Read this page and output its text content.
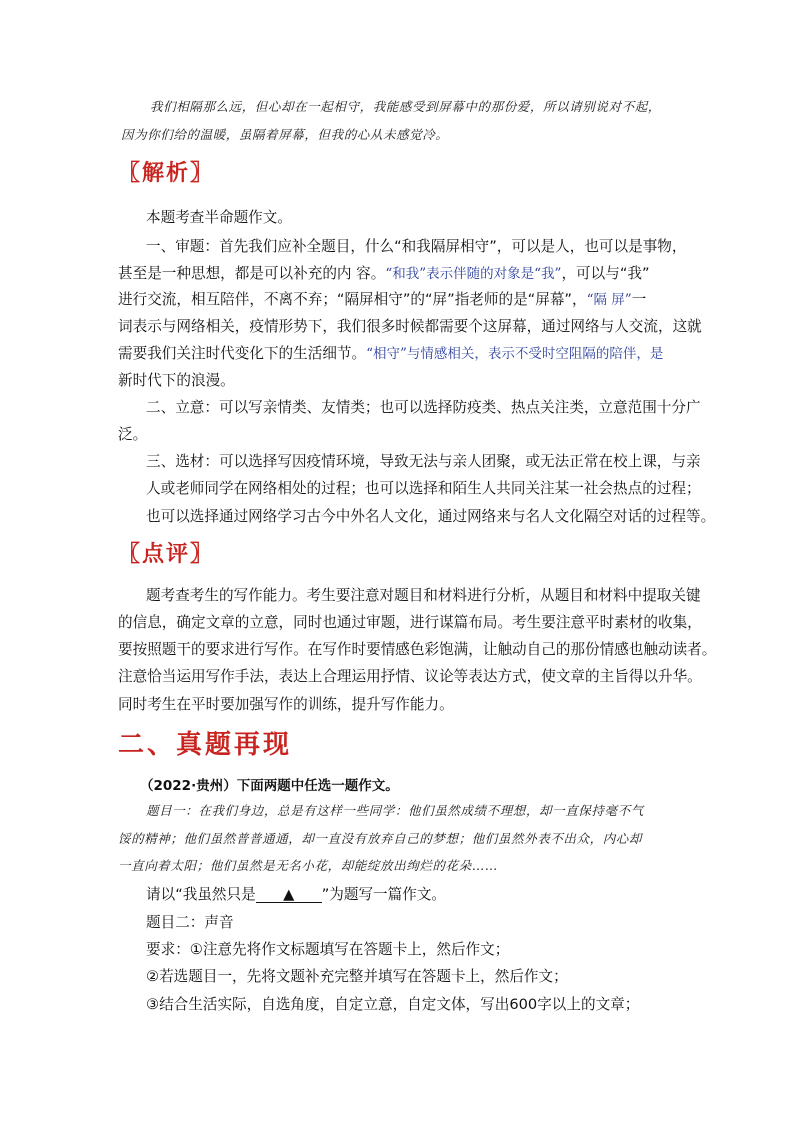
我们相隔那么远，但心却在一起相守，我能感受到屏幕中的那份爱，所以请别说对不起，
因为你们给的温暖，虽隔着屏幕，但我的心从未感觉冷。
〖解析〗
本题考查半命题作文。
一、审题：首先我们应补全题目，什么“和我隔屏相守”，可以是人，也可以是事物，
甚至是一种思想，都是可以补充的内 容。“和我”表示伴随的对象是“我”，可以与“我”
进行交流，相互陪伴，不离不弃；“隔屏相守”的“屏”指老师的是“屏幕”，“隔 屏”一
词表示与网络相关，疫情形势下，我们很多时候都需要个这屏幕，通过网络与人交流，这就
需要我们关注时代变化下的生活细节。“相守”与情感相关，表示不受时空阻隔的陪伴，是
新时代下的浪漫。
二、立意：可以写亲情类、友情类；也可以选择防疫类、热点关注类，立意范围十分广
泛。
三、选材：可以选择写因疫情环境，导致无法与亲人团聚，或无法正常在校上课，与亲
人或老师同学在网络相处的过程；也可以选择和陌生人共同关注某一社会热点的过程；
也可以选择通过网络学习古今中外名人文化，通过网络来与名人文化隔空对话的过程等。
〖点评〗
题考查考生的写作能力。考生要注意对题目和材料进行分析，从题目和材料中提取关键
的信息，确定文章的立意，同时也通过审题，进行谋篇布局。考生要注意平时素材的收集，
要按照题干的要求进行写作。在写作时要情感色彩饱满，让触动自己的那份情感也触动读者。
注意恰当运用写作手法，表达上合理运用抒情、议论等表达方式，使文章的主旨得以升华。
同时考生在平时要加强写作的训练，提升写作能力。
二、真题再现
（2022·贵州）下面两题中任选一题作文。
题目一：在我们身边，总是有这样一些同学：他们虽然成绩不理想，却一直保持毫不气
馁的精神；他们虽然普普通通，却一直没有放弃自己的梦想；他们虽然外表不出众，内心却
一直向着太阳；他们虽然是无名小花，却能绽放出绚烂的花朵……
请以“我虽然只是 ▲ ”为题写一篇作文。
题目二：声音
要求：①注意先将作文标题填写在答题卡上，然后作文；
②若选题目一，先将文题补充完整并填写在答题卡上，然后作文；
③结合生活实际，自选角度，自定立意，自定文体，写出600字以上的文章；
